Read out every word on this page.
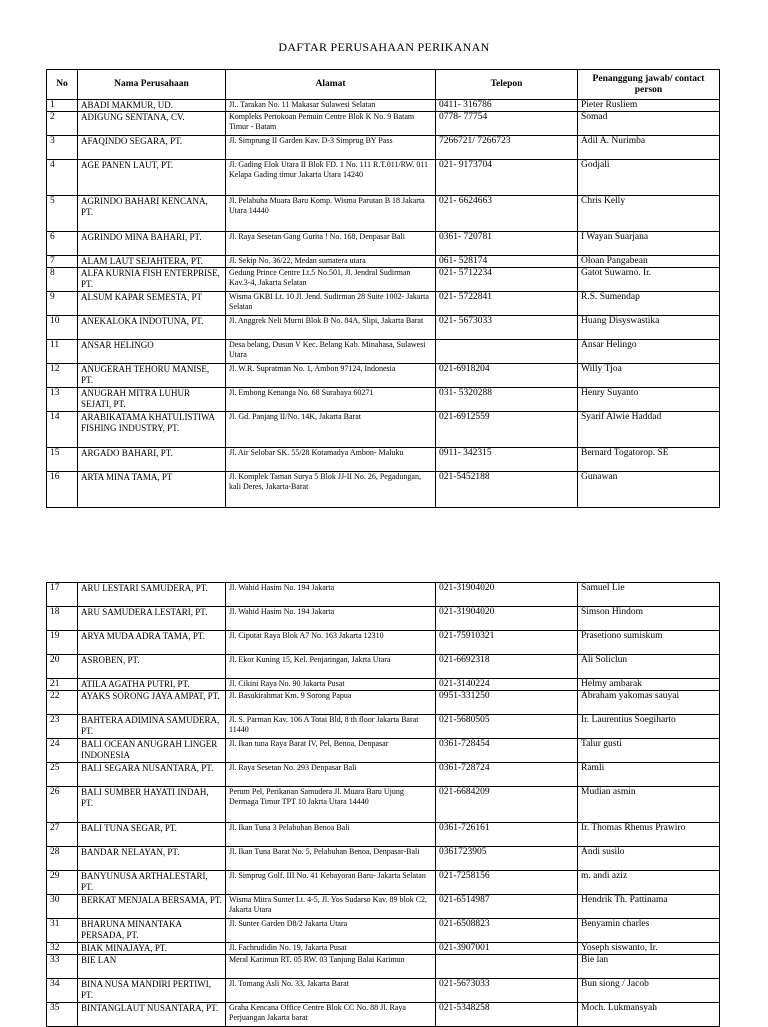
DAFTAR PERUSAHAAN PERIKANAN
No	Nama Perusahaan	Alamat	Telepon	Penanggung jawab/ contact person
1	ABADI MAKMUR, UD.	Jl.. Tarakan No. 11 Makasar Sulawesi Selatan	0411- 316786	Pieter Rusliem
2	ADIGUNG SENTANA, CV.	Kompleks Pertokoan Pemuin Centre Blok K No. 9 Batam Timur - Batam	0778- 77754	Somad
3	AFAQINDO SEGARA, PT.	Jl. Simprung II Garden Kav. D-3 Simprug BY Pass	7266721/ 7266723	Adil A. Nurimba
4	AGE PANEN LAUT, PT.	Jl. Gading Elok Utara II Blok FD. 1 No. 111 R.T.011/RW. 011 Kelapa Gading timur Jakarta Utara 14240	021- 9173704	Godjali
5	AGRINDO BAHARI KENCANA, PT.	Jl. Pelabuha Muara Baru Komp. Wisma Parutan B 18 Jakarta Utara 14440	021- 6624663	Chris Kelly
6	AGRINDO MINA BAHARI, PT.	Jl. Raya Sesetan Gang Gurita ! No. 168, Denpasar Bali	0361- 720781	I Wayan Suarjana
7	ALAM LAUT SEJAHTERA, PT.	Jl. Sekip No. 36/22, Medan sumatera utara	061- 528174	Oloan Pangabean
8	ALFA KURNIA FISH ENTERPRISE, PT.	Gedung Prince Centre Lt.5 No.501, Jl. Jendral Sudirman Kav.3-4, Jakarta Selatan	021- 5712234	Gatot Suwarno. Ir.
9	ALSUM KAPAR SEMESTA, PT	Wisma GKBI Lt. 10 Jl. Jend. Sudirman 28 Suite 1002- Jakarta Selatan	021- 5722841	R.S. Sumendap
10	ANEKALOKA INDOTUNA, PT.	Jl. Anggrek Neli Murni Blok B No. 84A, Slipi, Jakarta Barat	021- 5673033	Huang Disyswastika
11	ANSAR HELINGO	Desa belang, Dusun V Kec. Belang Kab. Minahasa, Sulawesi Utara		Ansar Helingo
12	ANUGERAH TEHORU MANISE, PT.	Jl. W.R. Supratman No. 1, Ambon 97124, Indonesia	021-6918204	Willy Tjoa
13	ANUGRAH MITRA LUHUR SEJATI, PT.	Jl. Embong Kenanga No. 68 Surabaya 60271	031- 5320288	Henry Suyanto
14	ARABIKATAMA KHATULISTIWA FISHING INDUSTRY, PT.	Jl. Gd. Panjang II/No. 14K, Jakarta Barat	021-6912559	Syarif Alwie Haddad
15	ARGADO BAHARI, PT.	Jl. Air Selobar SK. 55/28 Kotamadya Ambon- Maluku	0911- 342315	Bernard Togatorop. SE
16	ARTA MINA TAMA, PT	Jl. Komplek Taman Surya 5 Blok JJ-II No. 26, Pegadungan, kali Deres, Jakarta-Barat	021-5452188	Gunawan
17	ARU LESTARI SAMUDERA, PT.	Jl. Wahid Hasim No. 194 Jakarta	021-31904020	Samuel Lie
18	ARU SAMUDERA LESTARI, PT.	Jl. Wahid Hasim No. 194 Jakarta	021-31904020	Simson Hindom
19	ARYA MUDA ADRA TAMA, PT.	Jl. Ciputat Raya Blok A7 No. 163 Jakarta 12310	021-75910321	Prasetiono sumiskum
20	ASROBEN, PT.	Jl. Ekor Kuning 15, Kel. Penjaringan, Jakrta Utara	021-6692318	Ali Soliclun
21	ATILA AGATHA PUTRI, PT.	Jl. Cikini Raya No. 90 Jakarta Pusat	021-3140224	Helmy ambarak
22	AYAKS SORONG JAYA AMPAT, PT.	Jl. Basukirahmat Km. 9 Sorong Papua	0951-331250	Abraham yakomas sauyai
23	BAHTERA ADIMINA SAMUDERA, PT.	Jl. S. Parman Kav. 106 A Totai Bld, 8 th floor Jakarta Barat 11440	021-5680505	Ir. Laurentius Soegiharto
24	BALI OCEAN ANUGRAH LINGER INDONESIA	Jl. Ikan tuna Raya Barat IV, Pel, Benoa, Denpasar	0361-728454	Talur gusti
25	BALI SEGARA NUSANTARA, PT.	Jl. Raya Sesetan No. 293 Denpasar Bali	0361-728724	Ramli
26	BALI SUMBER HAYATI INDAH, PT.	Perum Pel, Perikanan Samudera Jl. Muara Baru Ujung Dermaga Timur TPT 10 Jakrta Utara 14440	021-6684209	Mudian asmin
27	BALI TUNA SEGAR, PT.	Jl. Ikan Tuna 3 Pelabuhan Benoa Bali	0361-726161	Ir. Thomas Rhenus Prawiro
28	BANDAR NELAYAN, PT.	Jl. Ikan Tuna Barat No. 5, Pelabuhan Benoa, Denpasar-Bali	0361723905	Andi susilo
29	BANYUNUSA ARTHALESTARI, PT.	Jl. Simprug Golf. III No. 41 Kebayoran Baru- Jakarta Selatan	021-7258156	m. andi aziz
30	BERKAT MENJALA BERSAMA, PT.	Wisma Mitra Sunter Lt. 4-5, Jl. Yos Sudarso Kav. 89 blok C2, Jakarta Utara	021-6514987	Hendrik Th. Pattinama
31	BHARUNA MINANTAKA PERSADA, PT.	Jl. Sunter Garden D8/2 Jakarta Utara	021-6508823	Benyamin charles
32	BIAK MINAJAYA, PT.	Jl. Fachrudidin No. 19, Jakarta Pusat	021-3907001	Yoseph siswanto, Ir.
33	BIE LAN	Meral Karimun RT. 05 RW. 03 Tanjung Balai Karimun		Bie lan
34	BINA NUSA MANDIRI PERTIWI, PT.	Jl. Tomang Asli No. 33, Jakarta Barat	021-5673033	Bun siong / Jacob
35	BINTANGLAUT NUSANTARA, PT.	Graha Kencana Office Centre Blok CC No. 88 Jl. Raya Perjuangan Jakarta barat	021-5348258	Moch. Lukmansyah
